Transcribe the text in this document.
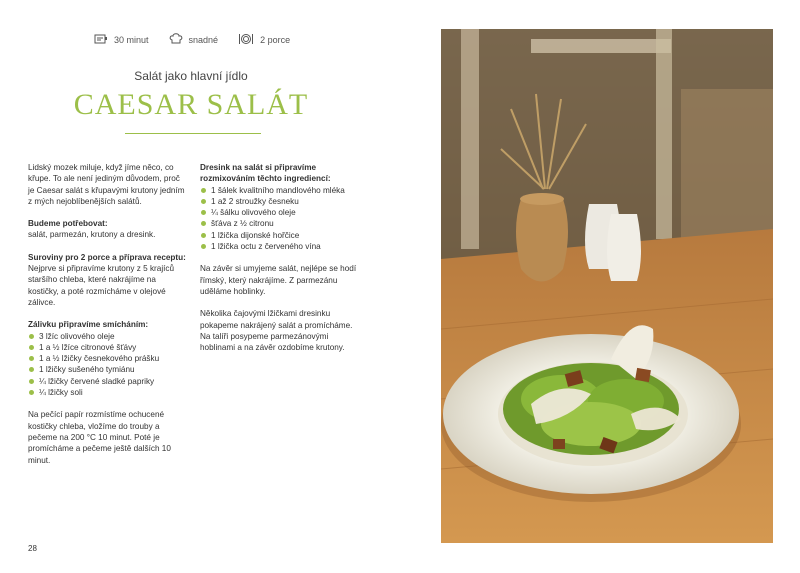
30 minut	snadné	2 porce
Salát jako hlavní jídlo
CAESAR SALÁT

Lidský mozek miluje, když jíme něco, co křupe. To ale není jediným důvodem, proč je Caesar salát s křupavými krutony jedním z mých nejoblíbenějších salátů.

Budeme potřebovat:
salát, parmezán, krutony a dresink.

Suroviny pro 2 porce a příprava receptu:
Nejprve si připravíme krutony z 5 krajíců staršího chleba, které nakrájíme na kostičky, a poté rozmícháme v olejové zálivce.

Zálivku připravíme smícháním:
3 lžíc olivového oleje
1 a ½ lžíce citronové šťávy
1 a ½ lžičky česnekového prášku
1 lžičky sušeného tymiánu
¼ lžičky červené sladké papriky
¼ lžičky soli

Na pečící papír rozmístíme ochucené kostičky chleba, vložíme do trouby a pečeme na 200 °C 10 minut. Poté je promícháme a pečeme ještě dalších 10 minut.

Dresink na salát si připravíme rozmixováním těchto ingrediencí:
1 šálek kvalitního mandlového mléka
1 až 2 stroužky česneku
¼ šálku olivového oleje
šťáva z ½ citronu
1 lžička dijonské hořčice
1 lžička octu z červeného vína

Na závěr si umyjeme salát, nejlépe se hodí římský, který nakrájíme. Z parmezánu uděláme hoblinky.

Několika čajovými lžičkami dresinku pokapeme nakrájený salát a promícháme. Na talíři posypeme parmezánovými hoblinami a na závěr ozdobíme krutony.

28
